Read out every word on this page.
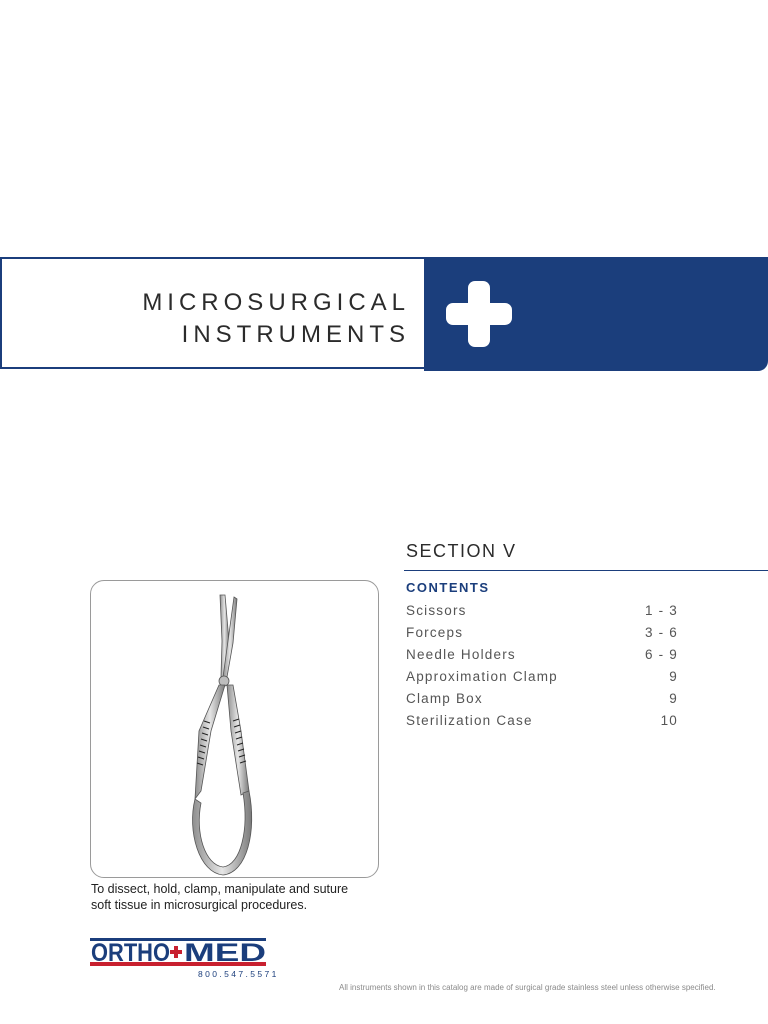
MICROSURGICAL
INSTRUMENTS
SECTION V
CONTENTS
Scissors	1 - 3
Forceps	3 - 6
Needle Holders	6 - 9
Approximation Clamp	9
Clamp Box	9
Sterilization Case	10
To dissect, hold, clamp, manipulate and suture soft tissue in microsurgical procedures.
ORTHO MED
800.547.5571
All instruments shown in this catalog are made of surgical grade stainless steel unless otherwise specified.
